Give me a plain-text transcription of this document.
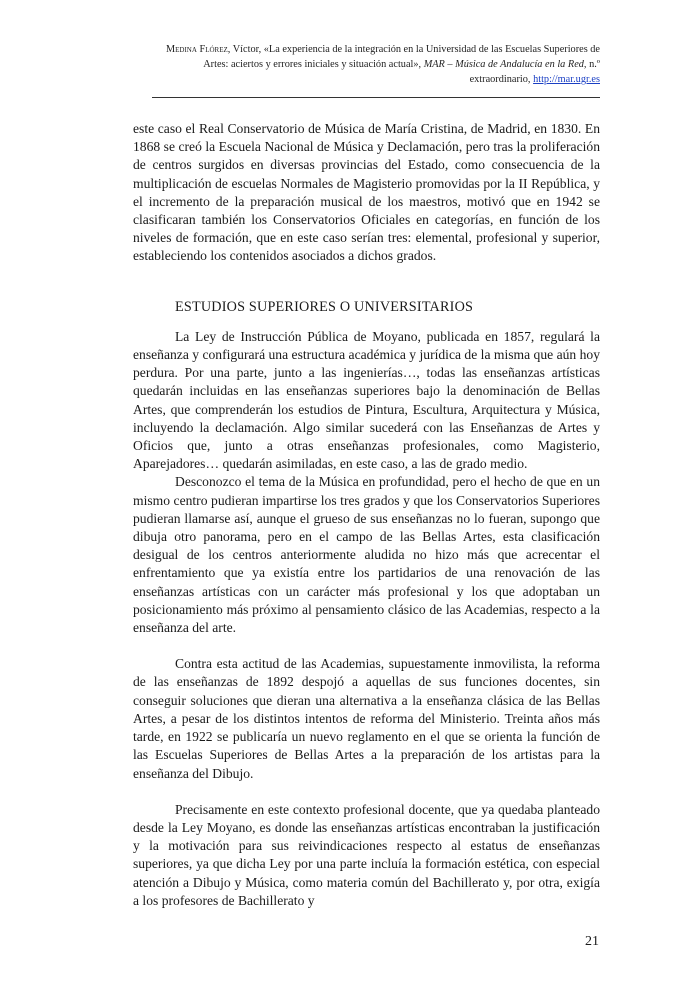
Medina Flórez, Víctor, «La experiencia de la integración en la Universidad de las Escuelas Superiores de Artes: aciertos y errores iniciales y situación actual», MAR – Música de Andalucía en la Red, n.º extraordinario, http://mar.ugr.es

este caso el Real Conservatorio de Música de María Cristina, de Madrid, en 1830. En 1868 se creó la Escuela Nacional de Música y Declamación, pero tras la proliferación de centros surgidos en diversas provincias del Estado, como consecuencia de la multiplicación de escuelas Normales de Magisterio promovidas por la II República, y el incremento de la preparación musical de los maestros, motivó que en 1942 se clasificaran también los Conservatorios Oficiales en categorías, en función de los niveles de formación, que en este caso serían tres: elemental, profesional y superior, estableciendo los contenidos asociados a dichos grados.

ESTUDIOS SUPERIORES O UNIVERSITARIOS

La Ley de Instrucción Pública de Moyano, publicada en 1857, regulará la enseñanza y configurará una estructura académica y jurídica de la misma que aún hoy perdura. Por una parte, junto a las ingenierías…, todas las enseñanzas artísticas quedarán incluidas en las enseñanzas superiores bajo la denominación de Bellas Artes, que comprenderán los estudios de Pintura, Escultura, Arquitectura y Música, incluyendo la declamación. Algo similar sucederá con las Enseñanzas de Artes y Oficios que, junto a otras enseñanzas profesionales, como Magisterio, Aparejadores… quedarán asimiladas, en este caso, a las de grado medio.

Desconozco el tema de la Música en profundidad, pero el hecho de que en un mismo centro pudieran impartirse los tres grados y que los Conservatorios Superiores pudieran llamarse así, aunque el grueso de sus enseñanzas no lo fueran, supongo que dibuja otro panorama, pero en el campo de las Bellas Artes, esta clasificación desigual de los centros anteriormente aludida no hizo más que acrecentar el enfrentamiento que ya existía entre los partidarios de una renovación de las enseñanzas artísticas con un carácter más profesional y los que adoptaban un posicionamiento más próximo al pensamiento clásico de las Academias, respecto a la enseñanza del arte.

Contra esta actitud de las Academias, supuestamente inmovilista, la reforma de las enseñanzas de 1892 despojó a aquellas de sus funciones docentes, sin conseguir soluciones que dieran una alternativa a la enseñanza clásica de las Bellas Artes, a pesar de los distintos intentos de reforma del Ministerio. Treinta años más tarde, en 1922 se publicaría un nuevo reglamento en el que se orienta la función de las Escuelas Superiores de Bellas Artes a la preparación de los artistas para la enseñanza del Dibujo.

Precisamente en este contexto profesional docente, que ya quedaba planteado desde la Ley Moyano, es donde las enseñanzas artísticas encontraban la justificación y la motivación para sus reivindicaciones respecto al estatus de enseñanzas superiores, ya que dicha Ley por una parte incluía la formación estética, con especial atención a Dibujo y Música, como materia común del Bachillerato y, por otra, exigía a los profesores de Bachillerato y

21
